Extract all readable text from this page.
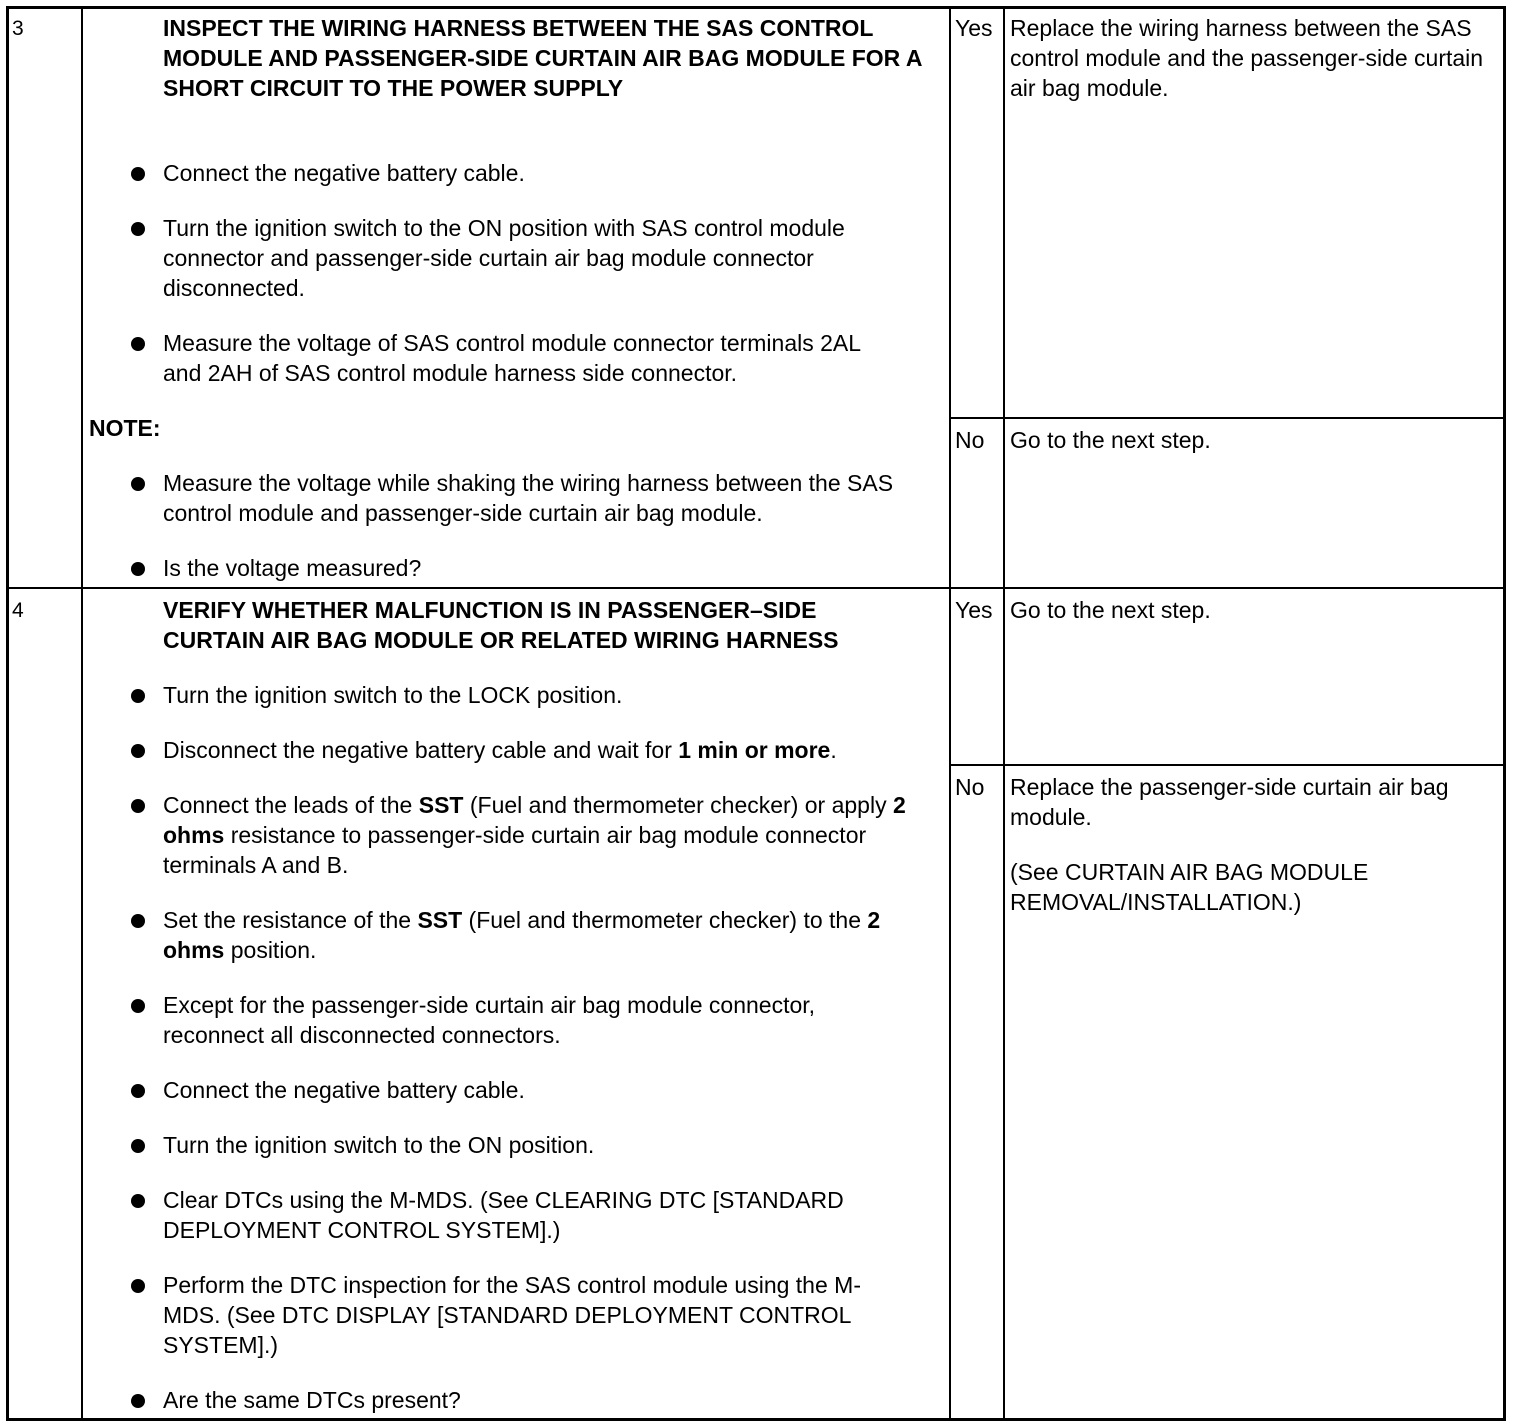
3	INSPECT THE WIRING HARNESS BETWEEN THE SAS CONTROL MODULE AND PASSENGER-SIDE CURTAIN AIR BAG MODULE FOR A SHORT CIRCUIT TO THE POWER SUPPLY
Connect the negative battery cable.
Turn the ignition switch to the ON position with SAS control module connector and passenger-side curtain air bag module connector disconnected.
Measure the voltage of SAS control module connector terminals 2AL and 2AH of SAS control module harness side connector.
NOTE:
Measure the voltage while shaking the wiring harness between the SAS control module and passenger-side curtain air bag module.
Is the voltage measured?
Yes Replace the wiring harness between the SAS control module and the passenger-side curtain air bag module.
No Go to the next step.
4	VERIFY WHETHER MALFUNCTION IS IN PASSENGER–SIDE CURTAIN AIR BAG MODULE OR RELATED WIRING HARNESS
Turn the ignition switch to the LOCK position.
Disconnect the negative battery cable and wait for 1 min or more.
Connect the leads of the SST (Fuel and thermometer checker) or apply 2 ohms resistance to passenger-side curtain air bag module connector terminals A and B.
Set the resistance of the SST (Fuel and thermometer checker) to the 2 ohms position.
Except for the passenger-side curtain air bag module connector, reconnect all disconnected connectors.
Connect the negative battery cable.
Turn the ignition switch to the ON position.
Clear DTCs using the M-MDS. (See CLEARING DTC [STANDARD DEPLOYMENT CONTROL SYSTEM].)
Perform the DTC inspection for the SAS control module using the M-MDS. (See DTC DISPLAY [STANDARD DEPLOYMENT CONTROL SYSTEM].)
Are the same DTCs present?
Yes Go to the next step.
No Replace the passenger-side curtain air bag module.

(See CURTAIN AIR BAG MODULE REMOVAL/INSTALLATION.)
